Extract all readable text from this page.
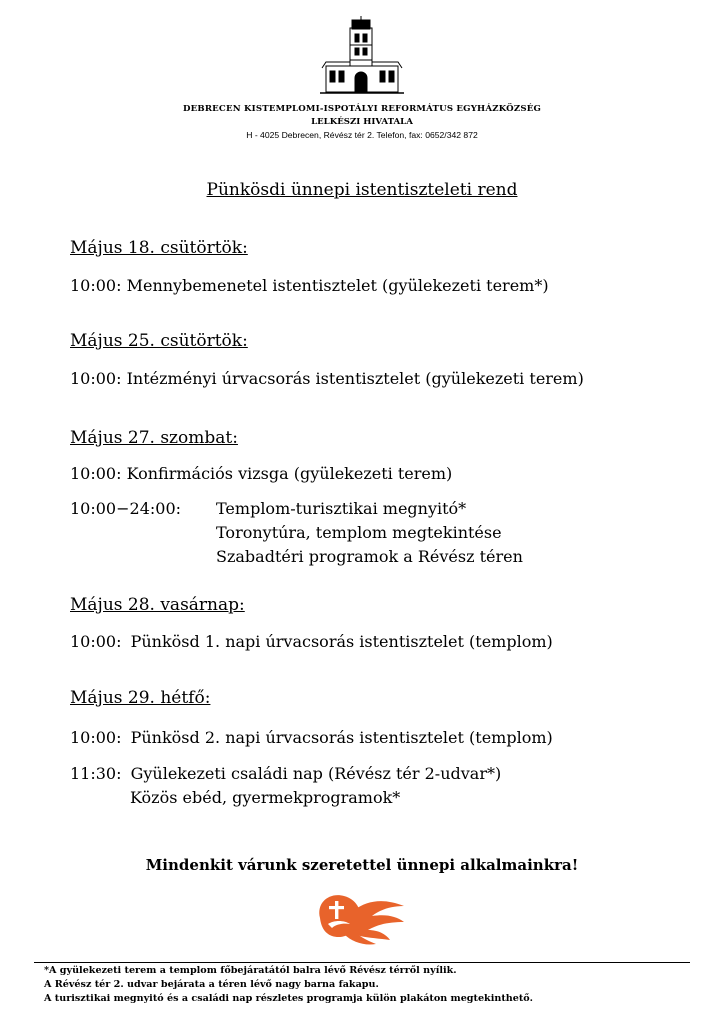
DEBRECEN KISTEMPLOMI-ISPOTÁLYI REFORMÁTUS EGYHÁZKÖZSÉG
LELKÉSZI HIVATALA
H - 4025 Debrecen, Révész tér 2. Telefon, fax: 0652/342 872
Pünkösdi ünnepi istentiszteleti rend
Május 18. csütörtök:
10:00: Mennybemenetel istentisztelet (gyülekezeti terem*)
Május 25. csütörtök:
10:00: Intézményi úrvacsorás istentisztelet (gyülekezeti terem)
Május 27. szombat:
10:00: Konfirmációs vizsga (gyülekezeti terem)
10:00−24:00: Templom-turisztikai megnyitó*
Toronytúra, templom megtekintése
Szabadtéri programok a Révész téren
Május 28. vasárnap:
10:00: Pünkösd 1. napi úrvacsorás istentisztelet (templom)
Május 29. hétfő:
10:00: Pünkösd 2. napi úrvacsorás istentisztelet (templom)
11:30: Gyülekezeti családi nap (Révész tér 2-udvar*)
Közös ebéd, gyermekprogramok*
Mindenkit várunk szeretettel ünnepi alkalmainkra!
*A gyülekezeti terem a templom főbejáratától balra lévő Révész térről nyílik.
A Révész tér 2. udvar bejárata a téren lévő nagy barna fakapu.
A turisztikai megnyitó és a családi nap részletes programja külön plakáton megtekinthető.
